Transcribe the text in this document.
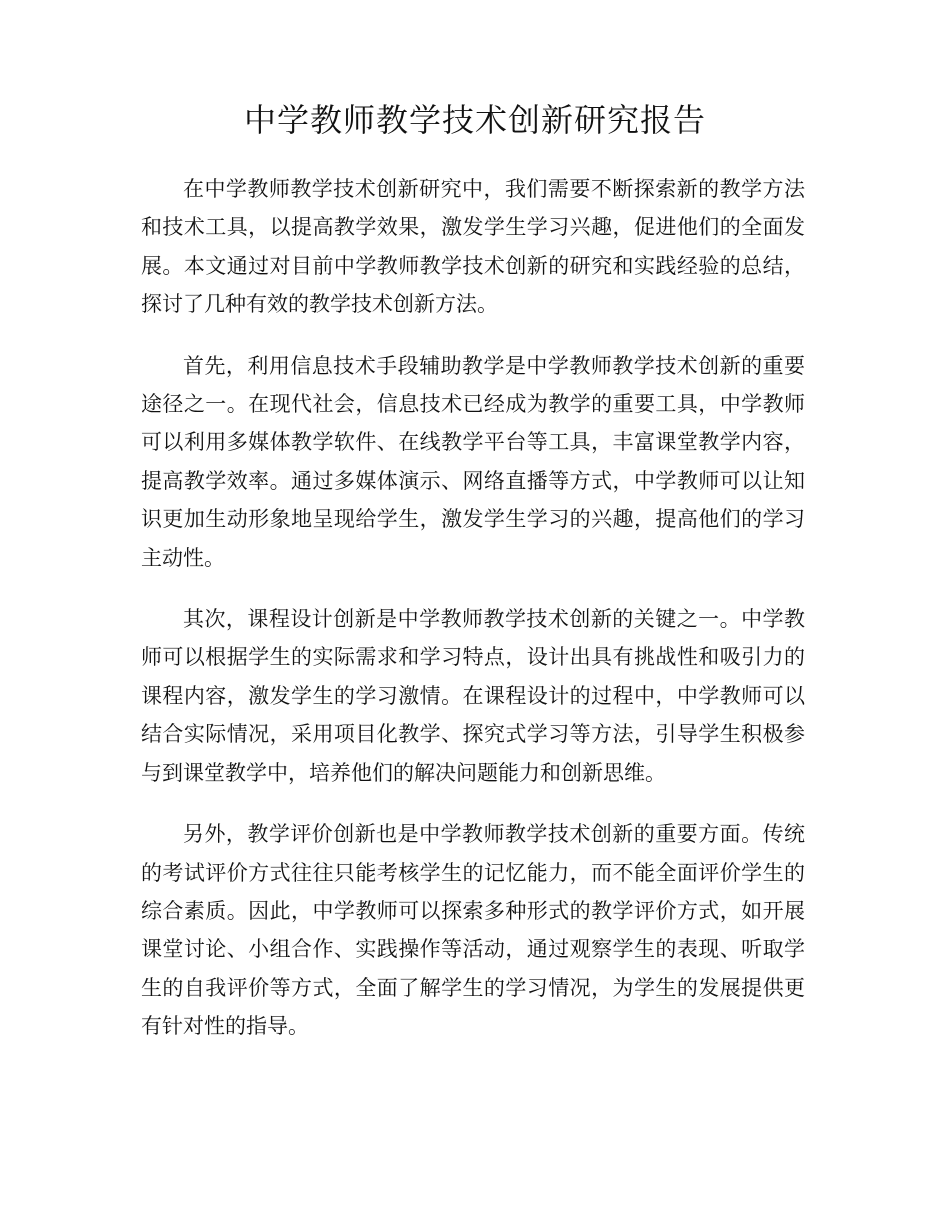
中学教师教学技术创新研究报告

在中学教师教学技术创新研究中，我们需要不断探索新的教学方法和技术工具，以提高教学效果，激发学生学习兴趣，促进他们的全面发展。本文通过对目前中学教师教学技术创新的研究和实践经验的总结，探讨了几种有效的教学技术创新方法。

首先，利用信息技术手段辅助教学是中学教师教学技术创新的重要途径之一。在现代社会，信息技术已经成为教学的重要工具，中学教师可以利用多媒体教学软件、在线教学平台等工具，丰富课堂教学内容，提高教学效率。通过多媒体演示、网络直播等方式，中学教师可以让知识更加生动形象地呈现给学生，激发学生学习的兴趣，提高他们的学习主动性。

其次，课程设计创新是中学教师教学技术创新的关键之一。中学教师可以根据学生的实际需求和学习特点，设计出具有挑战性和吸引力的课程内容，激发学生的学习激情。在课程设计的过程中，中学教师可以结合实际情况，采用项目化教学、探究式学习等方法，引导学生积极参与到课堂教学中，培养他们的解决问题能力和创新思维。

另外，教学评价创新也是中学教师教学技术创新的重要方面。传统的考试评价方式往往只能考核学生的记忆能力，而不能全面评价学生的综合素质。因此，中学教师可以探索多种形式的教学评价方式，如开展课堂讨论、小组合作、实践操作等活动，通过观察学生的表现、听取学生的自我评价等方式，全面了解学生的学习情况，为学生的发展提供更有针对性的指导。
